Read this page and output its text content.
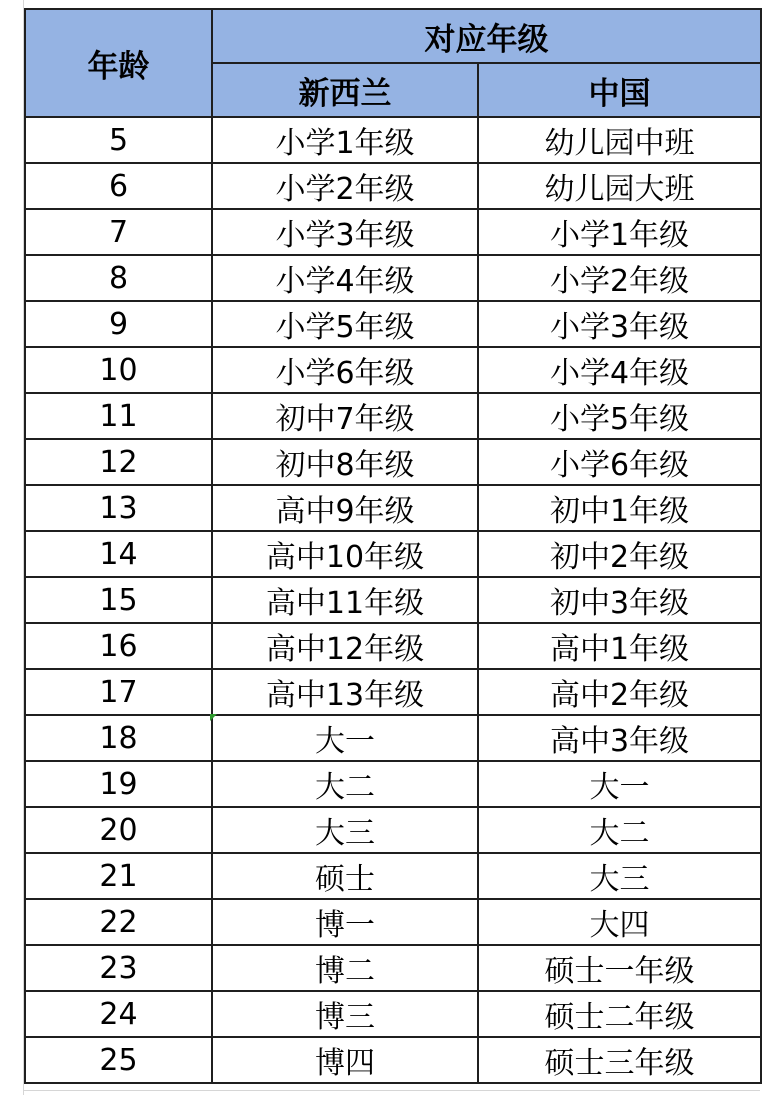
年龄	对应年级	
	新西兰	中国
5	小学1年级	幼儿园中班
6	小学2年级	幼儿园大班
7	小学3年级	小学1年级
8	小学4年级	小学2年级
9	小学5年级	小学3年级
10	小学6年级	小学4年级
11	初中7年级	小学5年级
12	初中8年级	小学6年级
13	高中9年级	初中1年级
14	高中10年级	初中2年级
15	高中11年级	初中3年级
16	高中12年级	高中1年级
17	高中13年级	高中2年级
18	大一	高中3年级
19	大二	大一
20	大三	大二
21	硕士	大三
22	博一	大四
23	博二	硕士一年级
24	博三	硕士二年级
25	博四	硕士三年级
